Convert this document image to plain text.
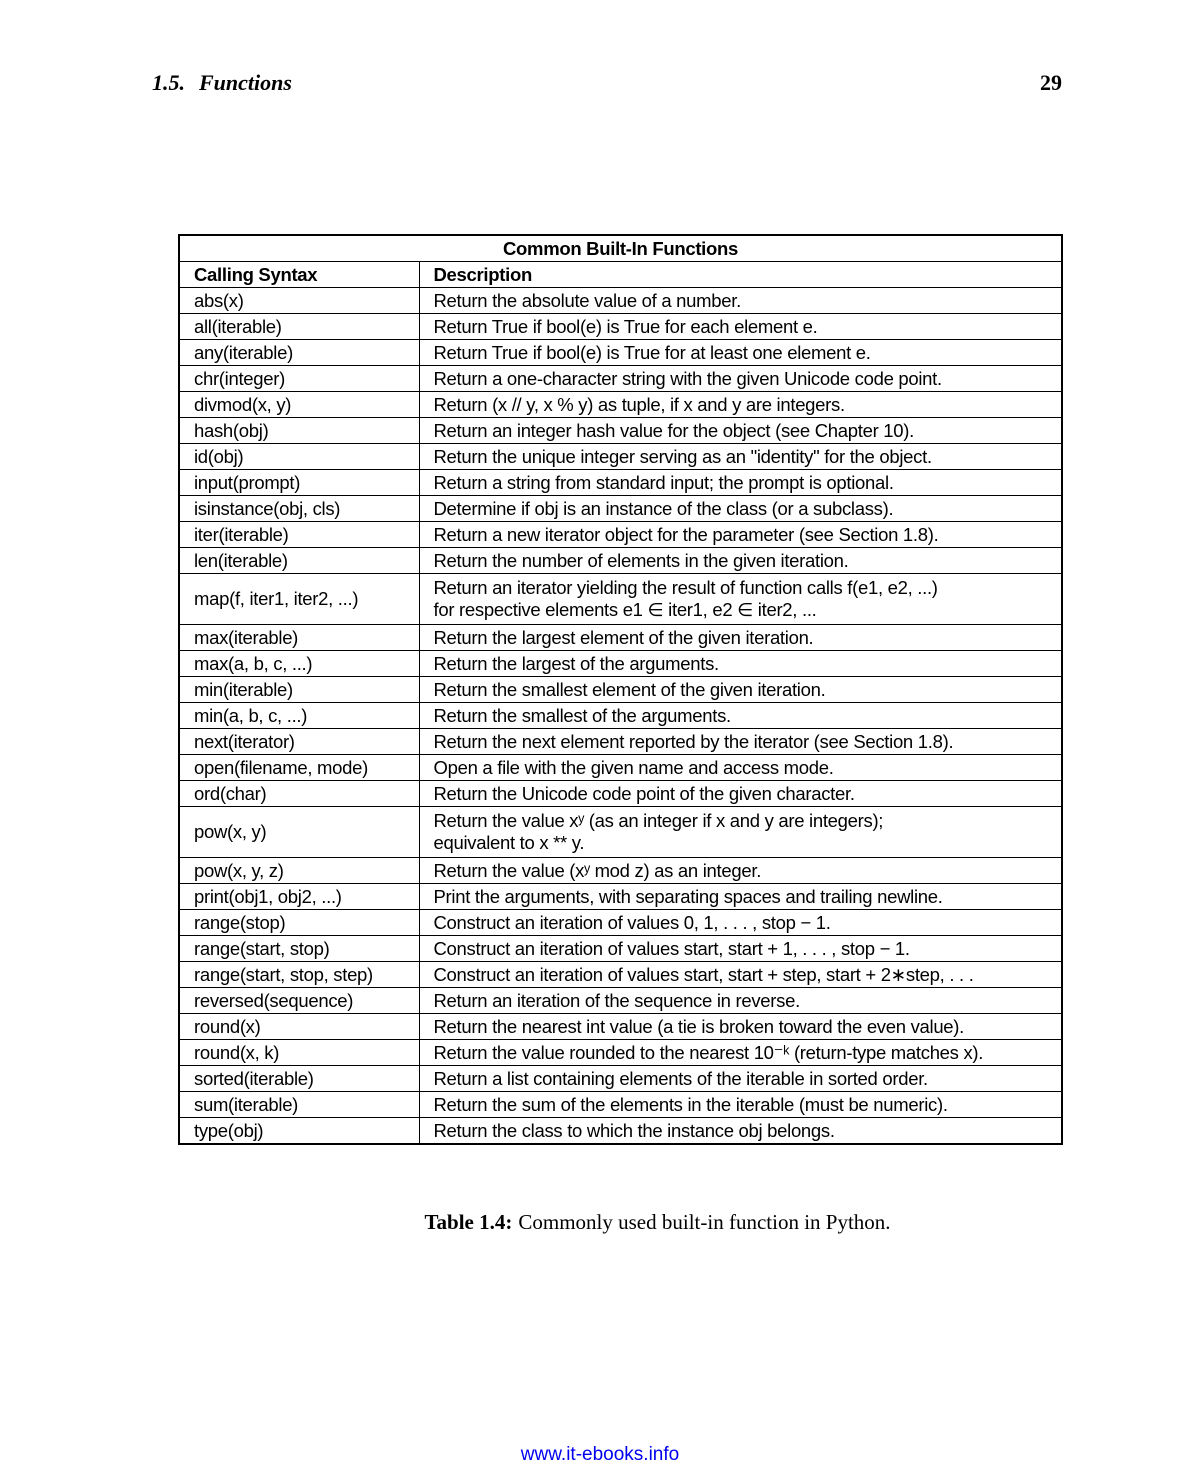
1.5. Functions	29
Common Built-In Functions	
Calling Syntax	Description
abs(x)	Return the absolute value of a number.

all(iterable)	Return True if bool(e) is True for each element e.

any(iterable)	Return True if bool(e) is True for at least one element e.

chr(integer)	Return a one-character string with the given Unicode code point.

divmod(x, y)	Return (x // y, x % y) as tuple, if x and y are integers.

hash(obj)	Return an integer hash value for the object (see Chapter 10).

id(obj)	Return the unique integer serving as an "identity" for the object.

input(prompt)	Return a string from standard input; the prompt is optional.

isinstance(obj, cls)	Determine if obj is an instance of the class (or a subclass).

iter(iterable)	Return a new iterator object for the parameter (see Section 1.8).

len(iterable)	Return the number of elements in the given iteration.

map(f, iter1, iter2, ...)	Return an iterator yielding the result of function calls f(e1, e2, ...)
for respective elements e1 ∈ iter1, e2 ∈ iter2, ...

max(iterable)	Return the largest element of the given iteration.

max(a, b, c, ...)	Return the largest of the arguments.

min(iterable)	Return the smallest element of the given iteration.

min(a, b, c, ...)	Return the smallest of the arguments.

next(iterator)	Return the next element reported by the iterator (see Section 1.8).

open(filename, mode)	Open a file with the given name and access mode.

ord(char)	Return the Unicode code point of the given character.

pow(x, y)	Return the value xʸ (as an integer if x and y are integers);
equivalent to x ** y.

pow(x, y, z)	Return the value (xʸ mod z) as an integer.

print(obj1, obj2, ...)	Print the arguments, with separating spaces and trailing newline.

range(stop)	Construct an iteration of values 0, 1, . . . , stop − 1.

range(start, stop)	Construct an iteration of values start, start + 1, . . . , stop − 1.

range(start, stop, step)	Construct an iteration of values start, start + step, start + 2∗step, . . .

reversed(sequence)	Return an iteration of the sequence in reverse.

round(x)	Return the nearest int value (a tie is broken toward the even value).

round(x, k)	Return the value rounded to the nearest 10⁻ᵏ (return-type matches x).

sorted(iterable)	Return a list containing elements of the iterable in sorted order.

sum(iterable)	Return the sum of the elements in the iterable (must be numeric).

type(obj)	Return the class to which the instance obj belongs.
Table 1.4: Commonly used built-in function in Python.
www.it-ebooks.info
